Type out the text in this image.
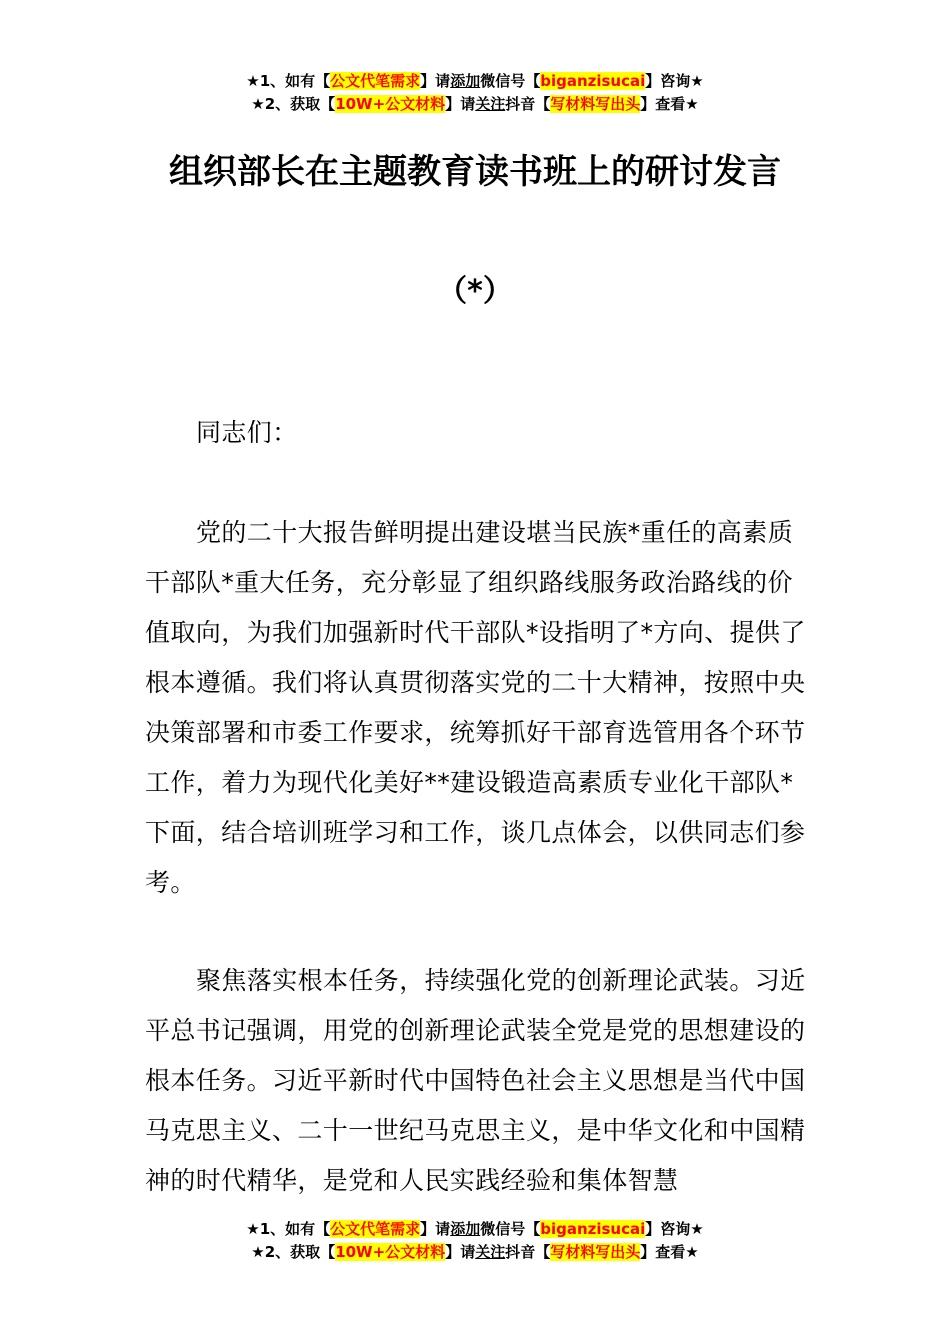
★1、如有【公文代笔需求】请添加微信号【biganzisucai】咨询★
★2、获取【10W+公文材料】请关注抖音【写材料写出头】查看★
组织部长在主题教育读书班上的研讨发言
（*）
同志们：
党的二十大报告鲜明提出建设堪当民族*重任的高素质干部队*重大任务，充分彰显了组织路线服务政治路线的价值取向，为我们加强新时代干部队*设指明了*方向、提供了根本遵循。我们将认真贯彻落实党的二十大精神，按照中央决策部署和市委工作要求，统筹抓好干部育选管用各个环节工作，着力为现代化美好**建设锻造高素质专业化干部队*下面，结合培训班学习和工作，谈几点体会，以供同志们参考。
聚焦落实根本任务，持续强化党的创新理论武装。习近平总书记强调，用党的创新理论武装全党是党的思想建设的根本任务。习近平新时代中国特色社会主义思想是当代中国马克思主义、二十一世纪马克思主义，是中华文化和中国精神的时代精华，是党和人民实践经验和集体智慧
★1、如有【公文代笔需求】请添加微信号【biganzisucai】咨询★
★2、获取【10W+公文材料】请关注抖音【写材料写出头】查看★
